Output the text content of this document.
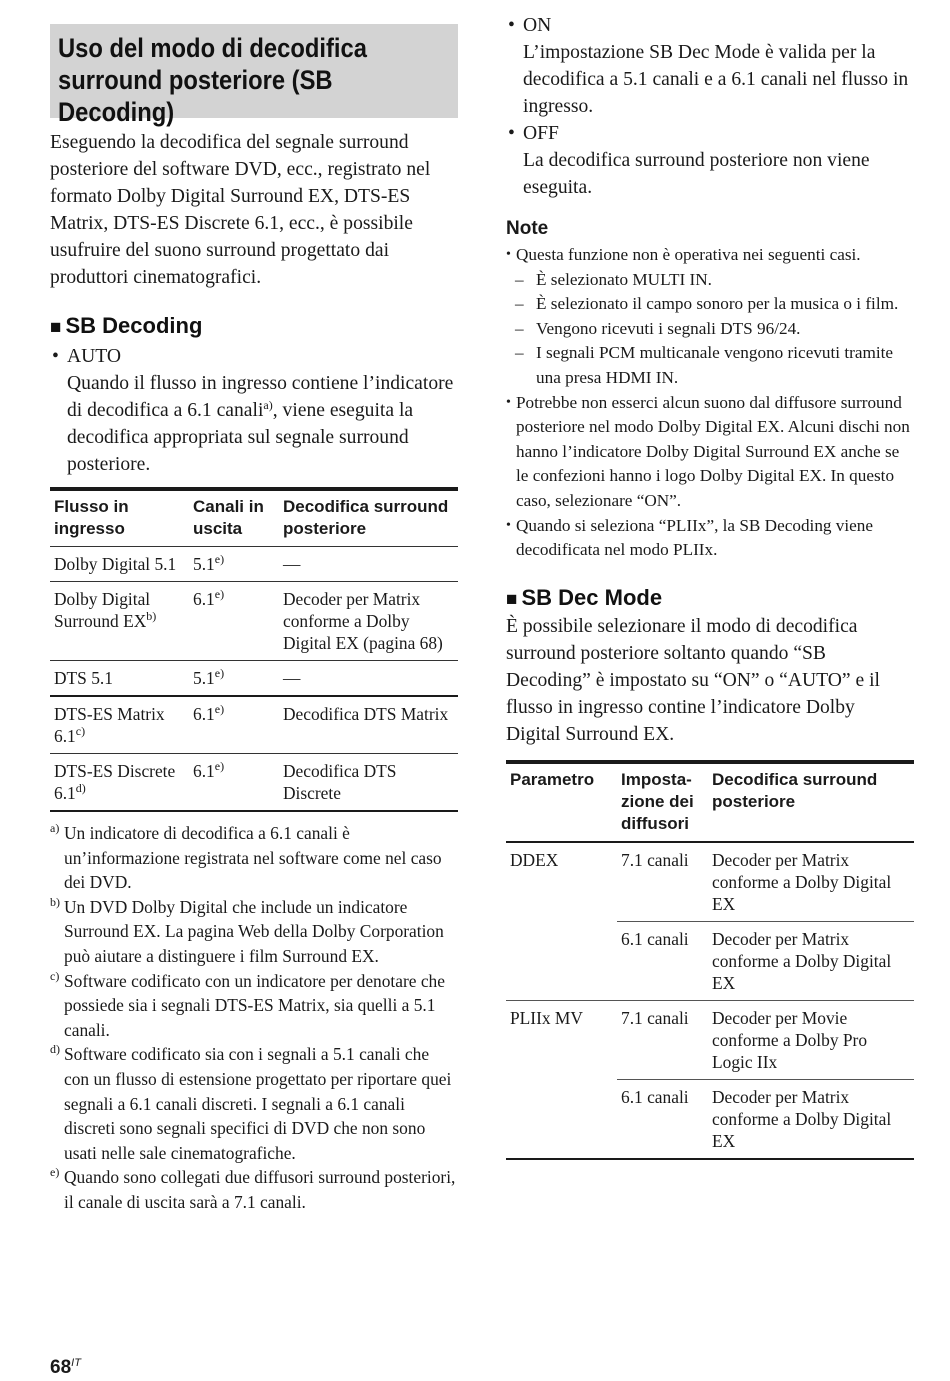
Uso del modo di decodifica surround posteriore (SB Decoding)

Eseguendo la decodifica del segnale surround posteriore del software DVD, ecc., registrato nel formato Dolby Digital Surround EX, DTS-ES Matrix, DTS-ES Discrete 6.1, ecc., è possibile usufruire del suono surround progettato dai produttori cinematografici.

■ SB Decoding
• AUTO
Quando il flusso in ingresso contiene l’indicatore di decodifica a 6.1 canali$^{a)}$, viene eseguita la decodifica appropriata sul segnale surround posteriore.
Flusso in ingresso	Canali in uscita	Decodifica surround posteriore
Dolby Digital 5.1	5.1$^{e)}$	—
Dolby Digital Surround EX$^{b)}$	6.1$^{e)}$	Decoder per Matrix conforme a Dolby Digital EX (pagina 68)
DTS 5.1	5.1$^{e)}$	—
DTS-ES Matrix 6.1$^{c)}$	6.1$^{e)}$	Decodifica DTS Matrix
DTS-ES Discrete 6.1$^{d)}$	6.1$^{e)}$	Decodifica DTS Discrete
a) Un indicatore di decodifica a 6.1 canali è un’informazione registrata nel software come nel caso dei DVD.
b) Un DVD Dolby Digital che include un indicatore Surround EX. La pagina Web della Dolby Corporation può aiutare a distinguere i film Surround EX.
c) Software codificato con un indicatore per denotare che possiede sia i segnali DTS-ES Matrix, sia quelli a 5.1 canali.
d) Software codificato sia con i segnali a 5.1 canali che con un flusso di estensione progettato per riportare quei segnali a 6.1 canali discreti. I segnali a 6.1 canali discreti sono segnali specifici di DVD che non sono usati nelle sale cinematografiche.
e) Quando sono collegati due diffusori surround posteriori, il canale di uscita sarà a 7.1 canali.
• ON
L’impostazione SB Dec Mode è valida per la decodifica a 5.1 canali e a 6.1 canali nel flusso in ingresso.
• OFF
La decodifica surround posteriore non viene eseguita.

Note

• Questa funzione non è operativa nei seguenti casi.
– È selezionato MULTI IN.
– È selezionato il campo sonoro per la musica o i film.
– Vengono ricevuti i segnali DTS 96/24.
– I segnali PCM multicanale vengono ricevuti tramite una presa HDMI IN.
• Potrebbe non esserci alcun suono dal diffusore surround posteriore nel modo Dolby Digital EX. Alcuni dischi non hanno l’indicatore Dolby Digital Surround EX anche se le confezioni hanno i logo Dolby Digital EX. In questo caso, selezionare “ON”.
• Quando si seleziona “PLIIx”, la SB Decoding viene decodificata nel modo PLIIx.
■ SB Dec Mode

È possibile selezionare il modo di decodifica surround posteriore soltanto quando “SB Decoding” è impostato su “ON” o “AUTO” e il flusso in ingresso contine l’indicatore Dolby Digital Surround EX.

Parametro	Imposta-zione dei diffusori	Decodifica surround posteriore
DDEX	7.1 canali	Decoder per Matrix conforme a Dolby Digital EX
	6.1 canali	Decoder per Matrix conforme a Dolby Digital EX
PLIIx MV	7.1 canali	Decoder per Movie conforme a Dolby Pro Logic IIx
	6.1 canali	Decoder per Matrix conforme a Dolby Digital EX
$68^{IT}$
